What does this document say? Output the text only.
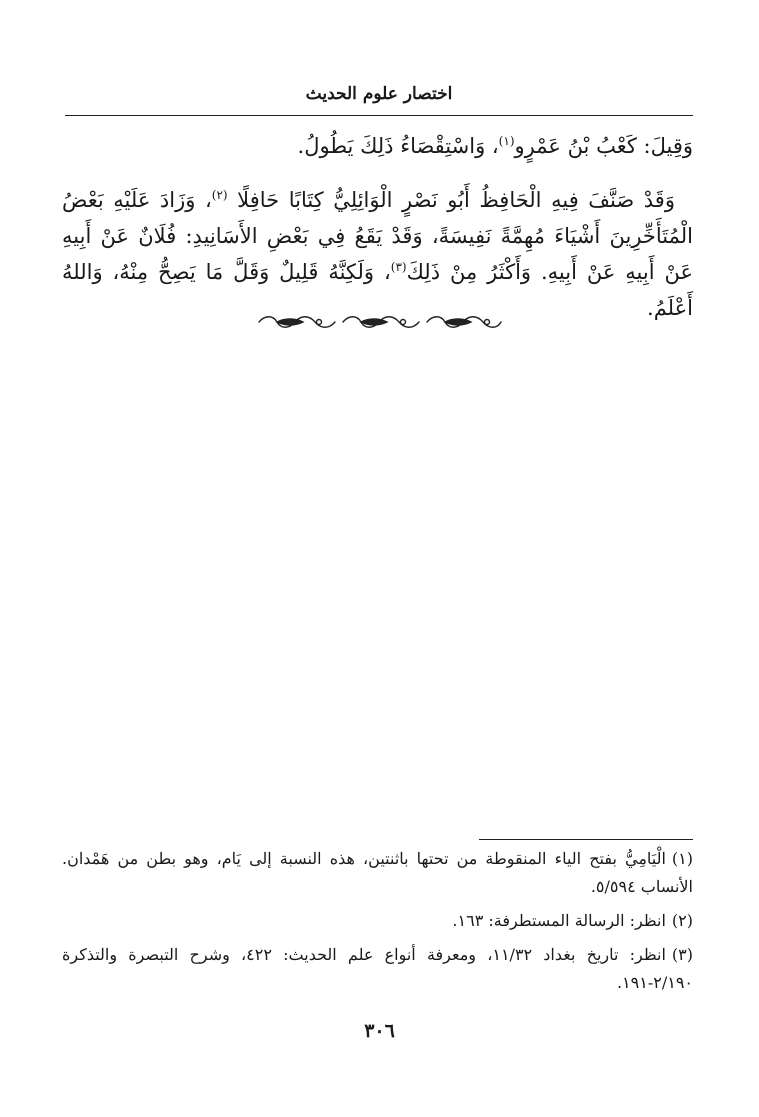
اختصار علوم الحديث

وَقِيلَ: كَعْبُ بْنُ عَمْرٍو$^{(١)}$، وَاسْتِقْصَاءُ ذَلِكَ يَطُولُ.

وَقَدْ صَنَّفَ فِيهِ الْحَافِظُ أَبُو نَصْرٍ الْوَائِلِيُّ كِتَابًا حَافِلًا $^{(٢)}$، وَزَادَ عَلَيْهِ بَعْضُ الْمُتَأَخِّرِينَ أَشْيَاءَ مُهِمَّةً نَفِيسَةً، وَقَدْ يَقَعُ فِي بَعْضِ الأَسَانِيدِ: فُلَانٌ عَنْ أَبِيهِ عَنْ أَبِيهِ عَنْ أَبِيهِ. وَأَكْثَرُ مِنْ ذَلِكَ$^{(٣)}$، وَلَكِنَّهُ قَلِيلٌ وَقَلَّ مَا يَصِحُّ مِنْهُ، وَاللهُ أَعْلَمُ.

(١)الْيَامِيُّ بفتح الياء المنقوطة من تحتها باثنتين، هذه النسبة إلى يَام، وهو بطن من هَمْدان. الأنساب ٥/٥٩٤.

(٢)انظر: الرسالة المستطرفة: ١٦٣.

(٣)انظر: تاريخ بغداد ١١/٣٢، ومعرفة أنواع علم الحديث: ٤٢٢، وشرح التبصرة والتذكرة ٢/١٩٠-١٩١.

٣٠٦
